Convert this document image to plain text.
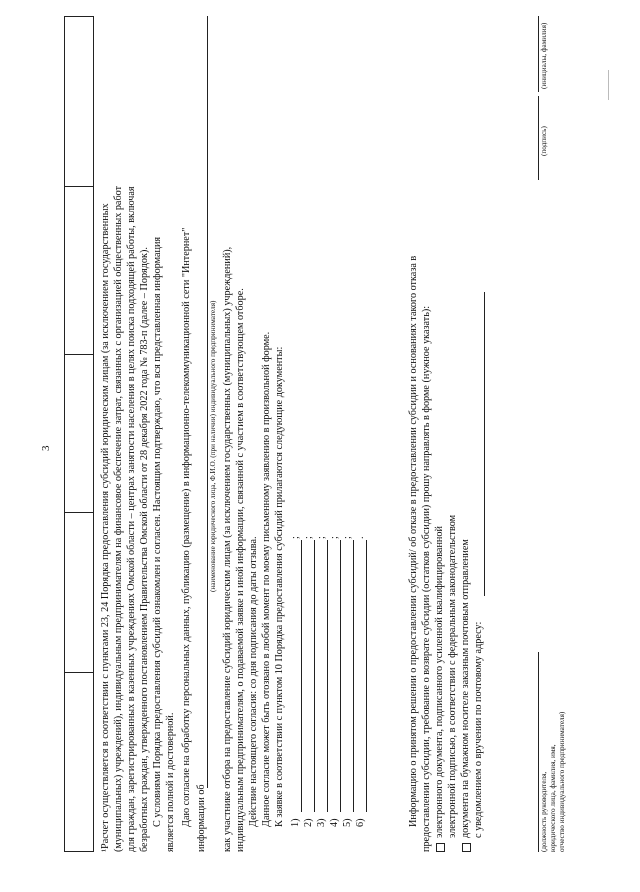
3	¹Расчет осуществляется в соответствии с пунктами 23, 24 Порядка предоставления субсидий юридическим лицам (за исключением государственных (муниципальных) учреждений), индивидуальным предпринимателям на финансовое обеспечение затрат, связанных с организацией общественных работ для граждан, зарегистрированных в казенных учреждениях Омской области – центрах занятости населения в целях поиска подходящей работы, включая безработных граждан, утвержденного постановлением Правительства Омской области от 28 декабря 2022 года № 783-п (далее – Порядок). С условиями Порядка предоставления субсидий ознакомлен и согласен. Настоящим подтверждаю, что вся представленная информация является полной и достоверной. Даю согласие на обработку персональных данных, публикацию (размещение) в информационно-телекоммуникационной сети "Интернет" информации об
(наименование юридического лица, Ф.И.О. (при наличии) индивидуального предпринимателя) как участнике отбора на предоставление субсидий юридическим лицам (за исключением государственных (муниципальных) учреждений), индивидуальным предпринимателям, о подаваемой заявке и иной информации, связанной с участием в соответствующем отборе. Действие настоящего согласия: со дня подписания до даты отзыва. Данное согласие может быть отозвано в любой момент по моему письменному заявлению в произвольной форме. К заявке в соответствии с пунктом 10 Порядка предоставления субсидий прилагаются следующие документы: 1)
;
2)
;
3)
;
4)
;
5)
;
6)
.	Информацию о принятом решении о предоставлении субсидий/ об отказе в предоставлении субсидии и основаниях такого отказа в предоставлении субсидии, требование о возврате субсидии (остатков субсидии) прошу направлять в форме (нужное указать): электронного документа, подписанного усиленной квалифицированной электронной подписью, в соответствии с федеральным законодательством документа на бумажном носителе заказным почтовым отправлением с уведомлением о вручении по почтовому адресу:	(должность руководителя, юридического лица, фамилия, имя, отчество индивидуального предпринимателя)
(подпись)
(инициалы, фамилия)
